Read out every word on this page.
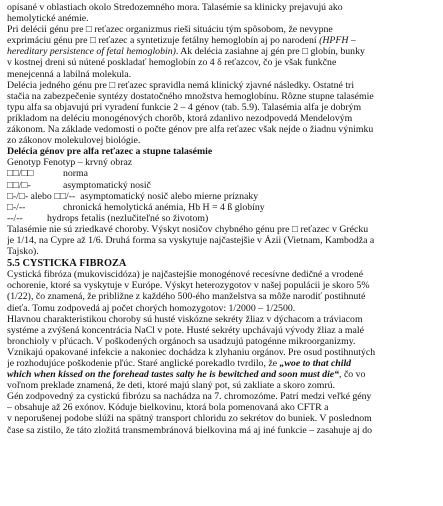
opísané v oblastiach okolo Stredozemného mora. Talasémie sa klinicky prejavujú ako
hemolytické anémie.
Pri delécii génu pre □ reťazec organizmus rieši situáciu tým spôsobom, že nevypne
exprimáciu génu pre □ reťazec a syntetizuje fetálny hemoglobín aj po narodení (HPFH –
hereditary persistence of fetal hemoglobin). Ak delécia zasiahne aj gén pre □ globín, bunky
v kostnej dreni sú nútené poskladať hemoglobín zo 4 δ reťazcov, čo je však funkčne
menejcenná a labilná molekula.
Delécia jedného génu pre □ reťazec spravidla nemá klinický zjavné následky. Ostatné tri
stačia na zabezpečenie syntézy dostatočného množstva hemoglobínu. Rôzne stupne talasémie
typu alfa sa objavujú pri vyradení funkcie 2 – 4 génov (tab. 5.9). Talasémia alfa je dobrým
príkladom na deléciu monogénových chorôb, ktorá zdanlivo nezodpovedá Mendelovým
zákonom. Na základe vedomosti o počte génov pre alfa reťazec však nejde o žiadnu výnimku
zo zákonov molekulovej biológie.
Delécia génov pre alfa reťazec a stupne talasémie
Genotyp Fenotyp – krvný obraz
□□/□□	norma
□□/□-	asymptomatický nosič
□-/□- alebo □□/-- asymptomatický nosič alebo mierne príznaky
□-/--	chronická hemolytická anémia, Hb H = 4 ß globíny
--/-- hydrops fetalis (nezlučiteľné so životom)
Talasémie nie sú zriedkavé choroby. Výskyt nosičov chybného génu pre □ reťazec v Grécku
je 1/14, na Cypre až 1/6. Druhá forma sa vyskytuje najčastejšie v Ázii (Vietnam, Kambodža a
Tajsko).
5.5 CYSTICKÁ FIBRÓZA
Cystická fibróza (mukoviscidóza) je najčastejšie monogénové recesívne dedičné a vrodené
ochorenie, ktoré sa vyskytuje v Európe. Výskyt heterozygotov v našej populácii je skoro 5%
(1/22), čo znamená, že približne z každého 500-ého manželstva sa môže narodiť postihnuté
dieťa. Tomu zodpovedá aj počet chorých homozygotov: 1/2000 – 1/2500.
Hlavnou charakteristikou choroby sú husté viskózne sekréty žliaz v dýchacom a tráviacom
systéme a zvýšená koncentrácia NaCl v pote. Husté sekréty upchávajú vývody žliaz a malé
bronchioly v pľúcach. V poškodených orgánoch sa usadzujú patogénne mikroorganizmy.
Vznikajú opakované infekcie a nakoniec dochádza k zlyhaniu orgánov. Pre osud postihnutých
je rozhodujúce poškodenie pľúc. Staré anglické porekadlo tvrdilo, že „woe to that child
which when kissed on the forehead tastes salty he is bewitched and soon must die“, čo vo
voľnom preklade znamená, že deti, ktoré majú slaný pot, sú zakliate a skoro zomrú.
Gén zodpovedný za cystickú fibrózu sa nachádza na 7. chromozóme. Patrí medzi veľké gény
– obsahuje až 26 exónov. Kóduje bielkovinu, ktorá bola pomenovaná ako CFTR a
v neporušenej podobe slúži na spätný transport chloridu zo sekrétov do buniek. V poslednom
čase sa zistilo, že táto zložitá transmembránová bielkovina má aj iné funkcie – zasahuje aj do
